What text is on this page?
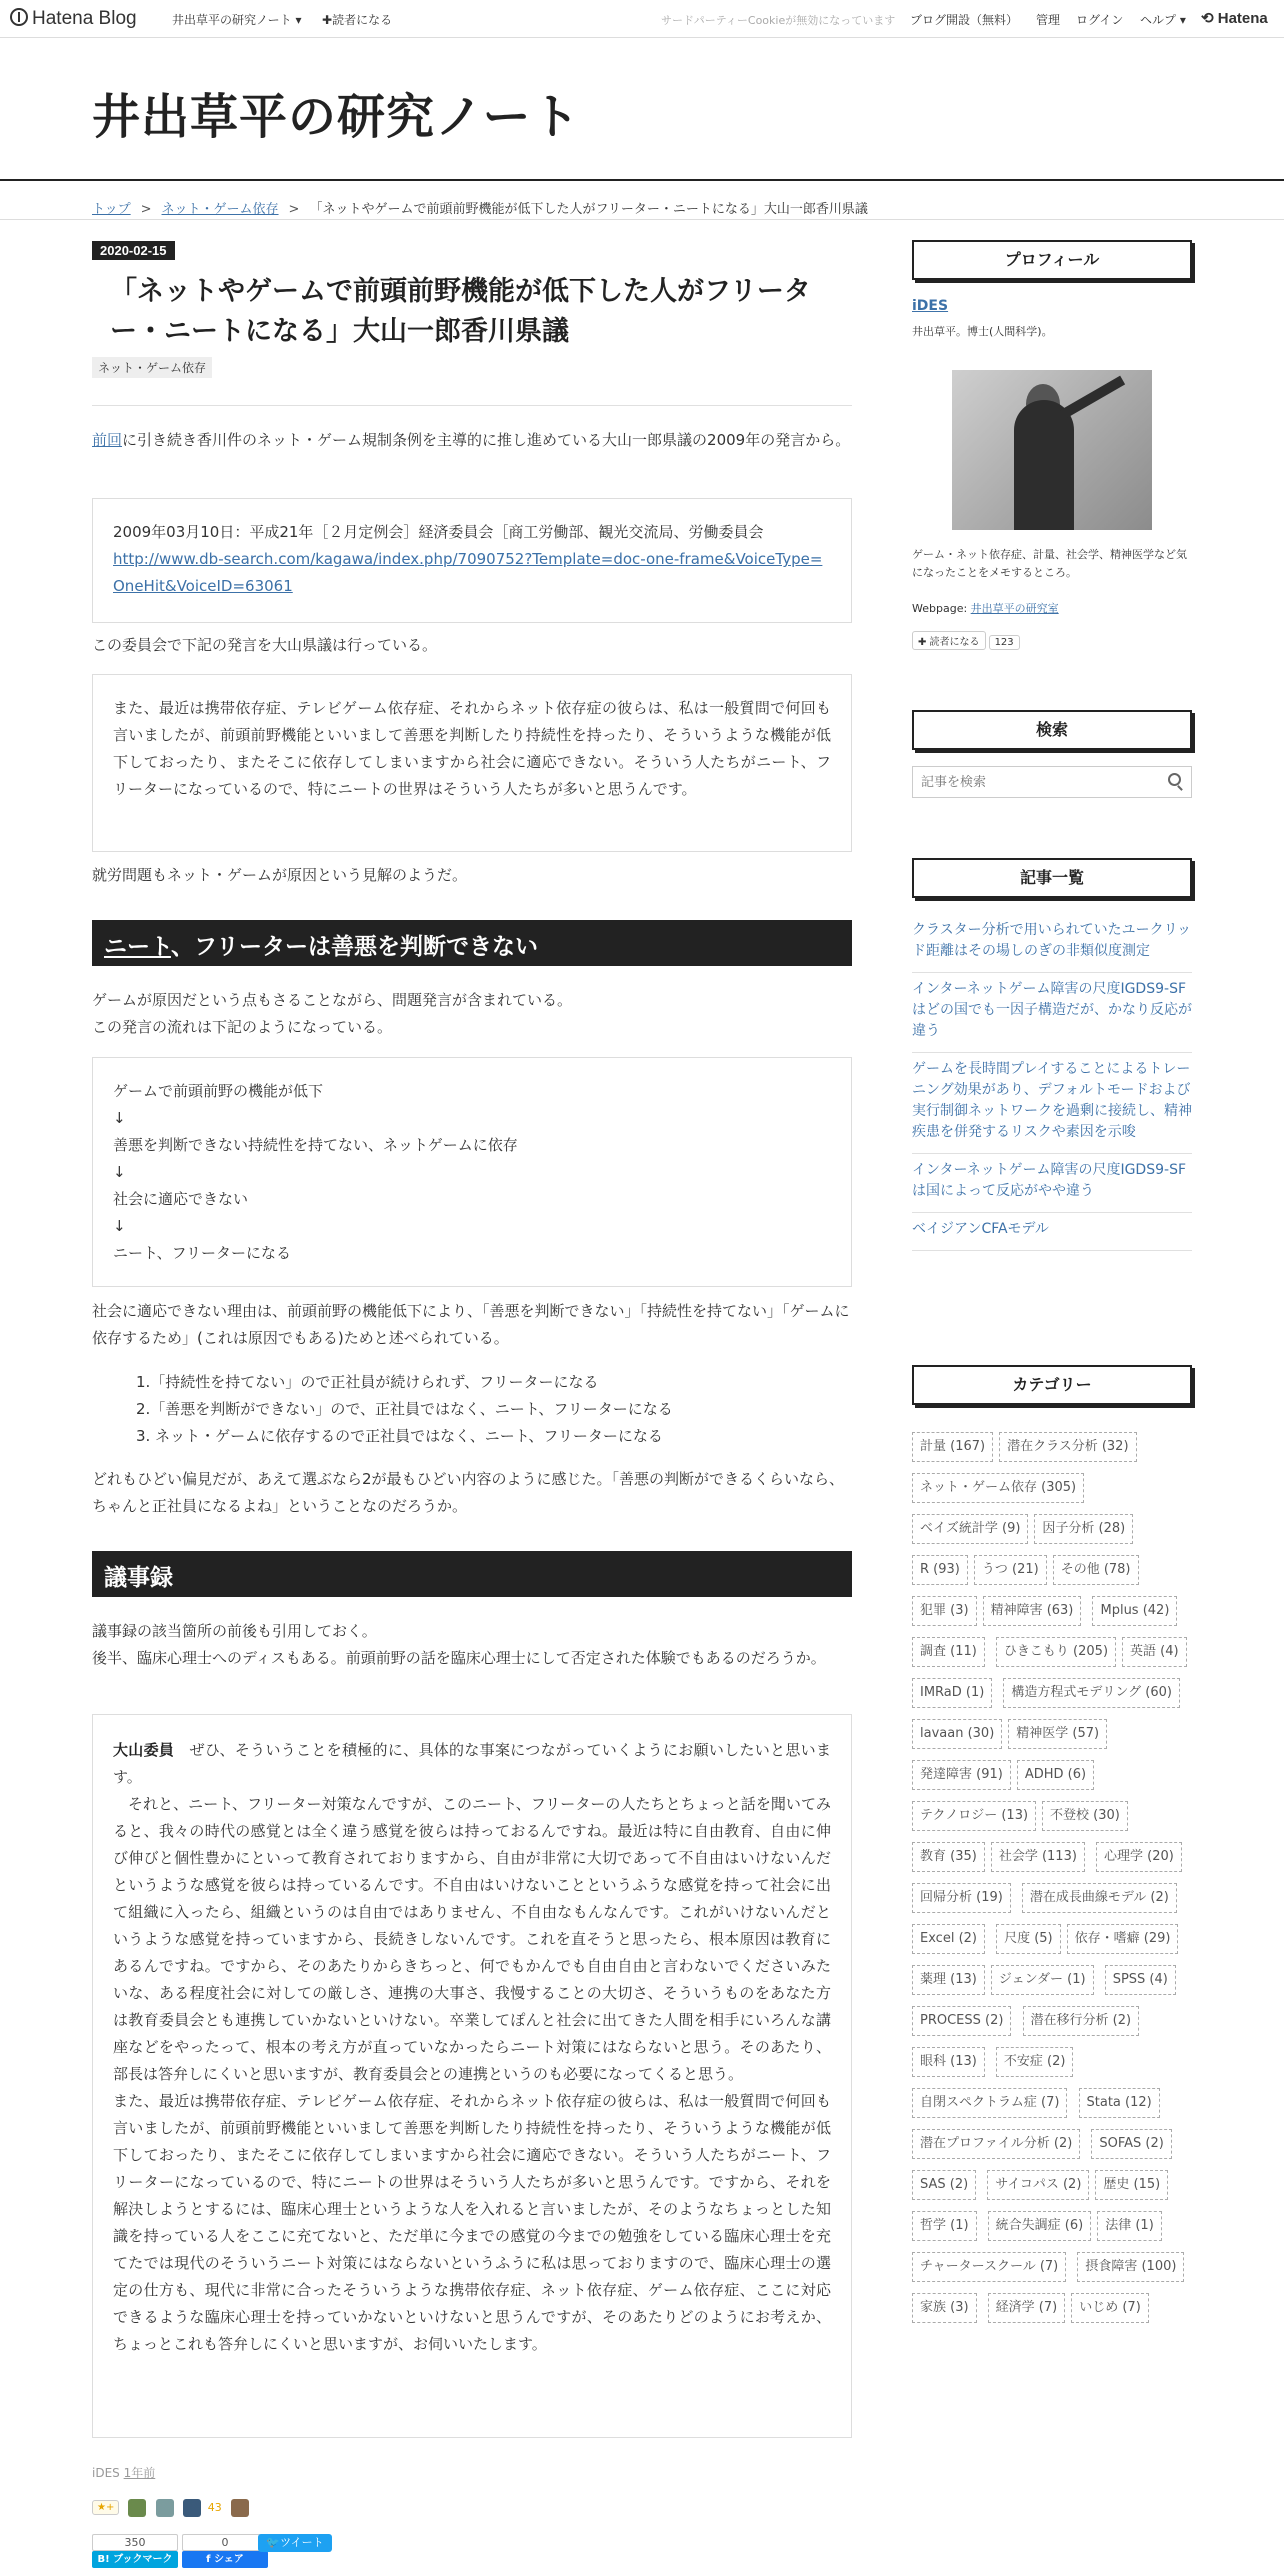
Hatena Blog	井出草平の研究ノート ▾ ✚読者になる	サードパーティーCookieが無効になっています ブログ開設（無料） 管理 ログイン ヘルプ ▾ ⟲ Hatena
井出草平の研究ノート
トップ > ネット・ゲーム依存 > 「ネットやゲームで前頭前野機能が低下した人がフリーター・ニートになる」大山一郎香川県議
2020-02-15
「ネットやゲームで前頭前野機能が低下した人がフリーター・ニートになる」大山一郎香川県議
ネット・ゲーム依存
前回に引き続き香川件のネット・ゲーム規制条例を主導的に推し進めている大山一郎県議の2009年の発言から。
2009年03月10日：平成21年［２月定例会］経済委員会［商工労働部、観光交流局、労働委員会
http://www.db-search.com/kagawa/index.php/7090752?Template=doc-one-frame&VoiceType=OneHit&VoiceID=63061
この委員会で下記の発言を大山県議は行っている。
また、最近は携帯依存症、テレビゲーム依存症、それからネット依存症の彼らは、私は一般質問で何回も言いましたが、前頭前野機能といいまして善悪を判断したり持続性を持ったり、そういうような機能が低下しておったり、またそこに依存してしまいますから社会に適応できない。そういう人たちがニート、フリーターになっているので、特にニートの世界はそういう人たちが多いと思うんです。
就労問題もネット・ゲームが原因という見解のようだ。
ニート、フリーターは善悪を判断できない
ゲームが原因だという点もさることながら、問題発言が含まれている。
この発言の流れは下記のようになっている。
ゲームで前頭前野の機能が低下
↓
善悪を判断できない持続性を持てない、ネットゲームに依存
↓
社会に適応できない
↓
ニート、フリーターになる
社会に適応できない理由は、前頭前野の機能低下により、「善悪を判断できない」「持続性を持てない」「ゲームに依存するため」(これは原因でもある)ためと述べられている。
1.「持続性を持てない」ので正社員が続けられず、フリーターになる
2.「善悪を判断ができない」ので、正社員ではなく、ニート、フリーターになる
3. ネット・ゲームに依存するので正社員ではなく、ニート、フリーターになる
どれもひどい偏見だが、あえて選ぶなら2が最もひどい内容のように感じた。「善悪の判断ができるくらいなら、ちゃんと正社員になるよね」ということなのだろうか。
議事録
議事録の該当箇所の前後も引用しておく。
後半、臨床心理士へのディスもある。前頭前野の話を臨床心理士にして否定された体験でもあるのだろうか。
大山委員　 ぜひ、そういうことを積極的に、具体的な事案につながっていくようにお願いしたいと思います。
それと、ニート、フリーター対策なんですが、このニート、フリーターの人たちとちょっと話を聞いてみると、我々の時代の感覚とは全く違う感覚を彼らは持っておるんですね。最近は特に自由教育、自由に伸び伸びと個性豊かにといって教育されておりますから、自由が非常に大切であって不自由はいけないんだというような感覚を彼らは持っているんです。不自由はいけないことというふうな感覚を持って社会に出て組織に入ったら、組織というのは自由ではありません、不自由なもんなんです。これがいけないんだというような感覚を持っていますから、長続きしないんです。これを直そうと思ったら、根本原因は教育にあるんですね。ですから、そのあたりからきちっと、何でもかんでも自由自由と言わないでくださいみたいな、ある程度社会に対しての厳しさ、連携の大事さ、我慢することの大切さ、そういうものをあなた方は教育委員会とも連携していかないといけない。卒業してぽんと社会に出てきた人間を相手にいろんな講座などをやったって、根本の考え方が直っていなかったらニート対策にはならないと思う。そのあたり、部長は答弁しにくいと思いますが、教育委員会との連携というのも必要になってくると思う。
また、最近は携帯依存症、テレビゲーム依存症、それからネット依存症の彼らは、私は一般質問で何回も言いましたが、前頭前野機能といいまして善悪を判断したり持続性を持ったり、そういうような機能が低下しておったり、またそこに依存してしまいますから社会に適応できない。そういう人たちがニート、フリーターになっているので、特にニートの世界はそういう人たちが多いと思うんです。ですから、それを解決しようとするには、臨床心理士というような人を入れると言いましたが、そのようなちょっとした知識を持っている人をここに充てないと、ただ単に今までの感覚の今までの勉強をしている臨床心理士を充てたでは現代のそういうニート対策にはならないというふうに私は思っておりますので、臨床心理士の選定の仕方も、現代に非常に合ったそういうような携帯依存症、ネット依存症、ゲーム依存症、ここに対応できるような臨床心理士を持っていかないといけないと思うんですが、そのあたりどのようにお考えか、ちょっとこれも答弁しにくいと思いますが、お伺いいたします。
iDES 1年前
★+	43
350
B! ブックマーク
0
f シェア
🐦ツイート
プロフィール
iDES
井出草平。博士(人間科学)。
ゲーム・ネット依存症、計量、社会学、精神医学など気になったことをメモするところ。
Webpage: 井出草平の研究室
✚ 読者になる 123
検索
記事を検索
記事一覧
クラスター分析で用いられていたユークリッド距離はその場しのぎの非類似度測定
インターネットゲーム障害の尺度IGDS9-SFはどの国でも一因子構造だが、かなり反応が違う
ゲームを長時間プレイすることによるトレーニング効果があり、デフォルトモードおよび実行制御ネットワークを過剰に接続し、精神疾患を併発するリスクや素因を示唆
インターネットゲーム障害の尺度IGDS9-SFは国によって反応がやや違う
ベイジアンCFAモデル
カテゴリー
計量 (167) 潜在クラス分析 (32) ネット・ゲーム依存 (305) ベイズ統計学 (9) 因子分析 (28) R (93) うつ (21) その他 (78) 犯罪 (3) 精神障害 (63) Mplus (42)調査 (11) ひきこもり (205) 英語 (4) IMRaD (1) 構造方程式モデリング (60) lavaan (30) 精神医学 (57) 発達障害 (91) ADHD (6) テクノロジー (13) 不登校 (30) 教育 (35) 社会学 (113) 心理学 (20)回帰分析 (19) 潜在成長曲線モデル (2)Excel (2) 尺度 (5) 依存・嗜癖 (29) 薬理 (13) ジェンダー (1) SPSS (4)PROCESS (2) 潜在移行分析 (2)眼科 (13) 不安症 (2)自閉スペクトラム症 (7) Stata (12)潜在プロファイル分析 (2) SOFAS (2)SAS (2) サイコパス (2) 歴史 (15)哲学 (1) 統合失調症 (6) 法律 (1) チャータースクール (7) 摂食障害 (100)家族 (3) 経済学 (7) いじめ (7)
